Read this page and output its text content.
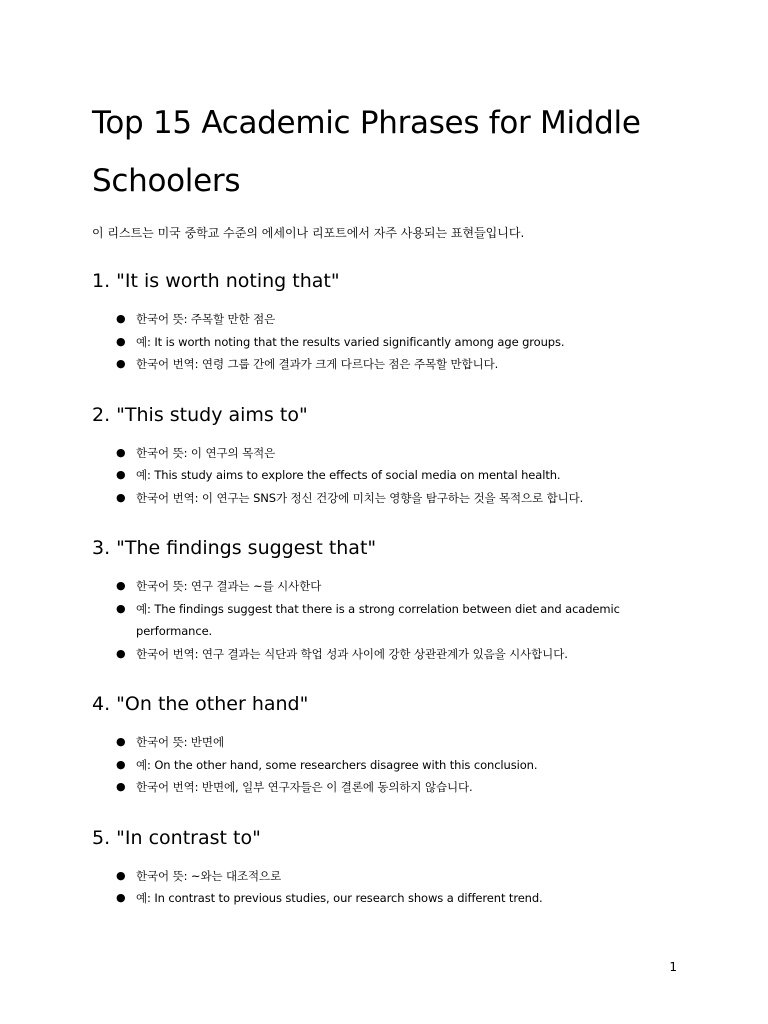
Top 15 Academic Phrases for Middle Schoolers

이 리스트는 미국 중학교 수준의 에세이나 리포트에서 자주 사용되는 표현들입니다.

1. "It is worth noting that"
● 한국어 뜻: 주목할 만한 점은
● 예: It is worth noting that the results varied significantly among age groups.
● 한국어 번역: 연령 그룹 간에 결과가 크게 다르다는 점은 주목할 만합니다.
2. "This study aims to"
● 한국어 뜻: 이 연구의 목적은
● 예: This study aims to explore the effects of social media on mental health.
● 한국어 번역: 이 연구는 SNS가 정신 건강에 미치는 영향을 탐구하는 것을 목적으로 합니다.
3. "The findings suggest that"
● 한국어 뜻: 연구 결과는 ~를 시사한다
● 예: The findings suggest that there is a strong correlation between diet and academic performance.
● 한국어 번역: 연구 결과는 식단과 학업 성과 사이에 강한 상관관계가 있음을 시사합니다.
4. "On the other hand"
● 한국어 뜻: 반면에
● 예: On the other hand, some researchers disagree with this conclusion.
● 한국어 번역: 반면에, 일부 연구자들은 이 결론에 동의하지 않습니다.
5. "In contrast to"
● 한국어 뜻: ~와는 대조적으로
● 예: In contrast to previous studies, our research shows a different trend.
1
